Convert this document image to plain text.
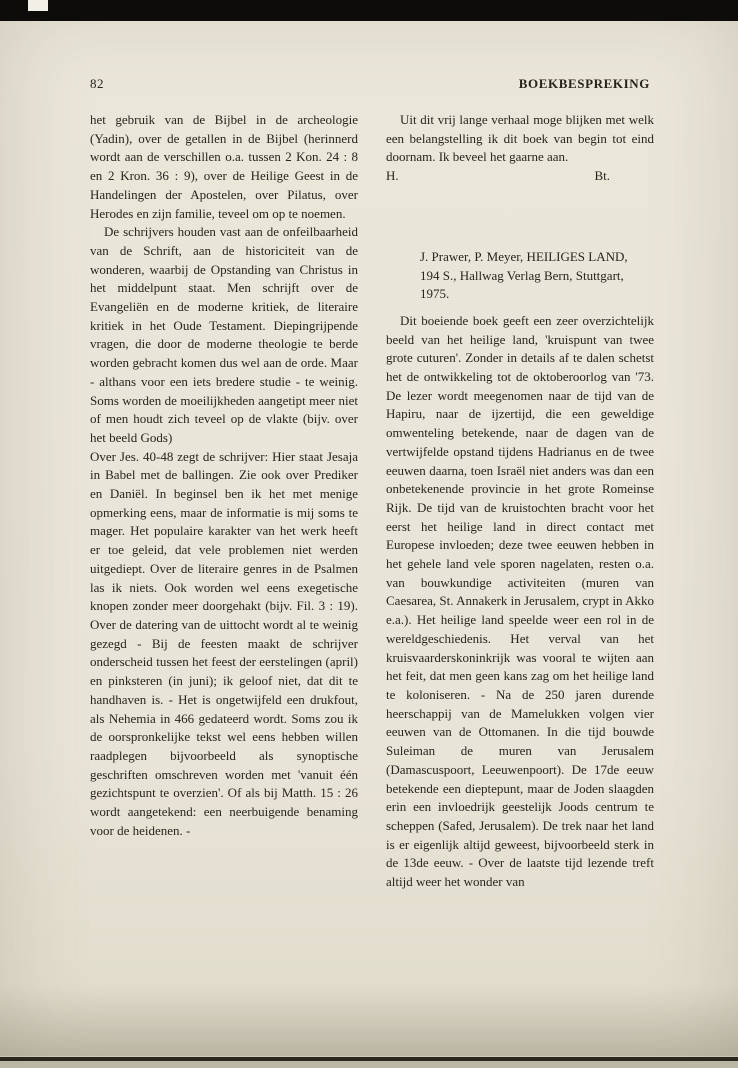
82	BOEKBESPREKING

het gebruik van de Bijbel in de archeologie (Yadin), over de getallen in de Bijbel (herinnerd wordt aan de verschillen o.a. tussen 2 Kon. 24 : 8 en 2 Kron. 36 : 9), over de Heilige Geest in de Handelingen der Apostelen, over Pilatus, over Herodes en zijn familie, teveel om op te noemen.

De schrijvers houden vast aan de onfeilbaarheid van de Schrift, aan de historiciteit van de wonderen, waarbij de Opstanding van Christus in het middelpunt staat. Men schrijft over de Evangeliën en de moderne kritiek, de literaire kritiek in het Oude Testament. Diepingrijpende vragen, die door de moderne theologie te berde worden gebracht komen dus wel aan de orde. Maar - althans voor een iets bredere studie - te weinig. Soms worden de moeilijkheden aangetipt meer niet of men houdt zich teveel op de vlakte (bijv. over het beeld Gods)

Over Jes. 40-48 zegt de schrijver: Hier staat Jesaja in Babel met de ballingen. Zie ook over Prediker en Daniël. In beginsel ben ik het met menige opmerking eens, maar de informatie is mij soms te mager. Het populaire karakter van het werk heeft er toe geleid, dat vele problemen niet werden uitgediept. Over de literaire genres in de Psalmen las ik niets. Ook worden wel eens exegetische knopen zonder meer doorgehakt (bijv. Fil. 3 : 19). Over de datering van de uittocht wordt al te weinig gezegd - Bij de feesten maakt de schrijver onderscheid tussen het feest der eerstelingen (april) en pinksteren (in juni); ik geloof niet, dat dit te handhaven is. - Het is ongetwijfeld een drukfout, als Nehemia in 466 gedateerd wordt. Soms zou ik de oorspronkelijke tekst wel eens hebben willen raadplegen bijvoorbeeld als synoptische geschriften omschreven worden met 'vanuit één gezichtspunt te overzien'. Of als bij Matth. 15 : 26 wordt aangetekend: een neerbuigende benaming voor de heidenen. -

Uit dit vrij lange verhaal moge blijken met welk een belangstelling ik dit boek van begin tot eind doornam. Ik beveel het gaarne aan.

H.	Bt.
J. Prawer, P. Meyer, HEILIGES LAND, 194 S., Hallwag Verlag Bern, Stuttgart, 1975.

Dit boeiende boek geeft een zeer overzichtelijk beeld van het heilige land, 'kruispunt van twee grote cuturen'. Zonder in details af te dalen schetst het de ontwikkeling tot de oktoberoorlog van '73. De lezer wordt meegenomen naar de tijd van de Hapiru, naar de ijzertijd, die een geweldige omwenteling betekende, naar de dagen van de vertwijfelde opstand tijdens Hadrianus en de twee eeuwen daarna, toen Israël niet anders was dan een onbetekenende provincie in het grote Romeinse Rijk. De tijd van de kruistochten bracht voor het eerst het heilige land in direct contact met Europese invloeden; deze twee eeuwen hebben in het gehele land vele sporen nagelaten, resten o.a. van bouwkundige activiteiten (muren van Caesarea, St. Annakerk in Jerusalem, crypt in Akko e.a.). Het heilige land speelde weer een rol in de wereldgeschiedenis. Het verval van het kruisvaarderskoninkrijk was vooral te wijten aan het feit, dat men geen kans zag om het heilige land te koloniseren. - Na de 250 jaren durende heerschappij van de Mamelukken volgen vier eeuwen van de Ottomanen. In die tijd bouwde Suleiman de muren van Jerusalem (Damascuspoort, Leeuwenpoort). De 17de eeuw betekende een dieptepunt, maar de Joden slaagden erin een invloedrijk geestelijk Joods centrum te scheppen (Safed, Jerusalem). De trek naar het land is er eigenlijk altijd geweest, bijvoorbeeld sterk in de 13de eeuw. - Over de laatste tijd lezende treft altijd weer het wonder van
